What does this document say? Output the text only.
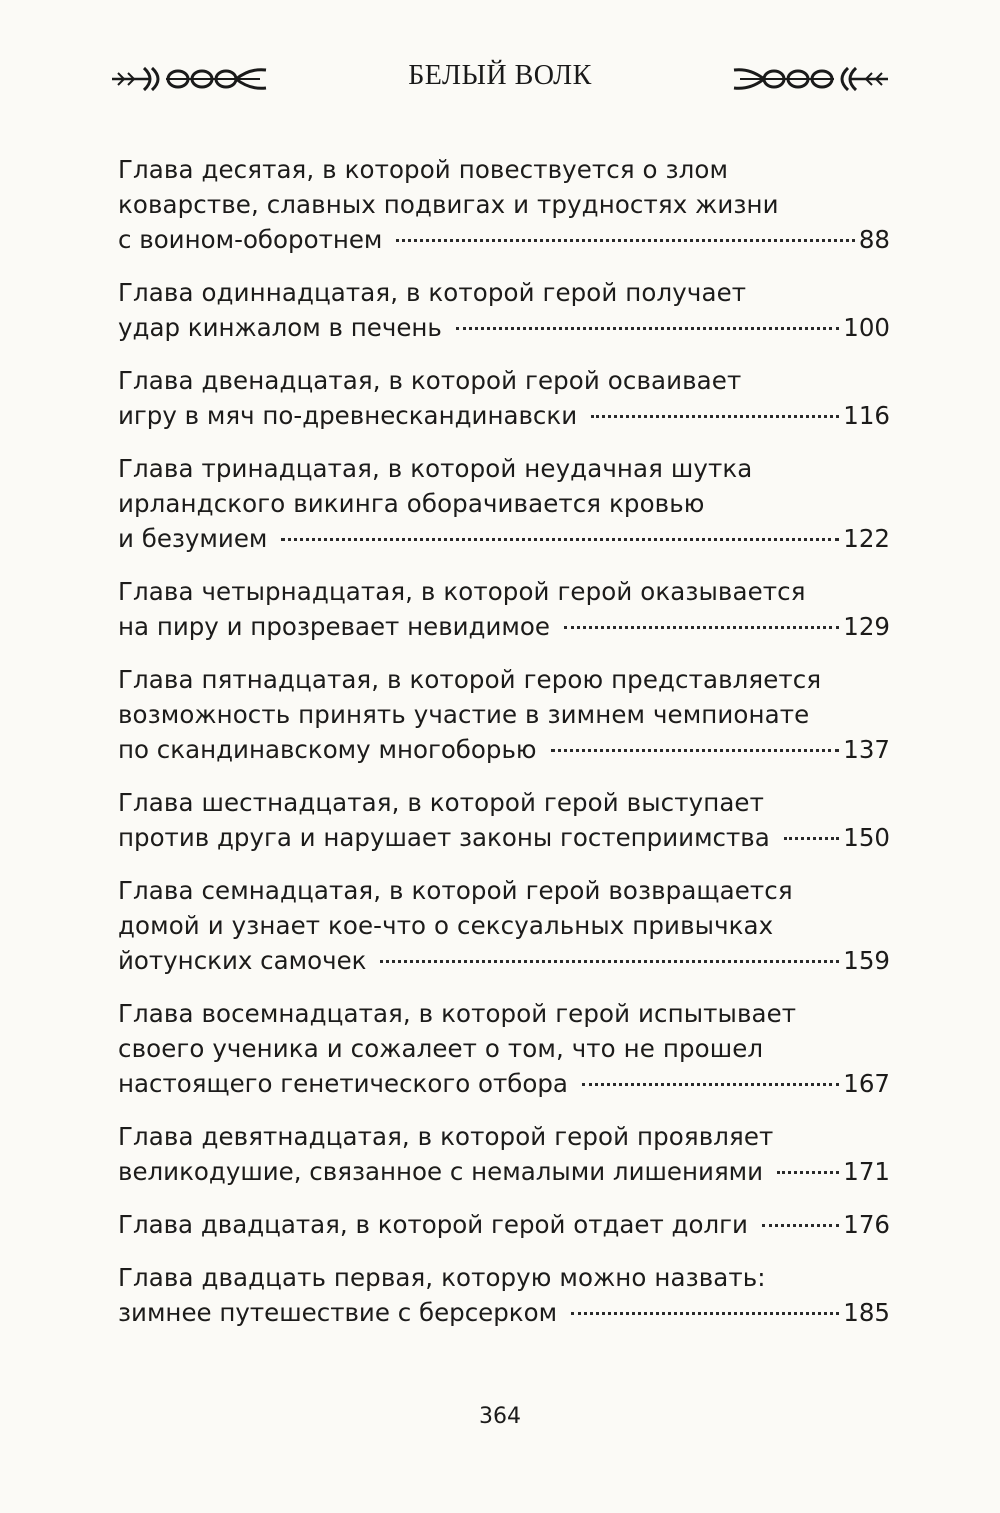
БЕЛЫЙ ВОЛК
Глава десятая, в которой повествуется о злом
коварстве, славных подвигах и трудностях жизни
с воином-оборотнем	88
Глава одиннадцатая, в которой герой получает
удар кинжалом в печень	100
Глава двенадцатая, в которой герой осваивает
игру в мяч по-древнескандинавски	116
Глава тринадцатая, в которой неудачная шутка
ирландского викинга оборачивается кровью
и безумием	122
Глава четырнадцатая, в которой герой оказывается
на пиру и прозревает невидимое	129
Глава пятнадцатая, в которой герою представляется
возможность принять участие в зимнем чемпионате
по скандинавскому многоборью	137
Глава шестнадцатая, в которой герой выступает
против друга и нарушает законы гостеприимства	150
Глава семнадцатая, в которой герой возвращается
домой и узнает кое-что о сексуальных привычках
йотунских самочек	159
Глава восемнадцатая, в которой герой испытывает
своего ученика и сожалеет о том, что не прошел
настоящего генетического отбора	167
Глава девятнадцатая, в которой герой проявляет
великодушие, связанное с немалыми лишениями	171
Глава двадцатая, в которой герой отдает долги	176
Глава двадцать первая, которую можно назвать:
зимнее путешествие с берсерком	185
364
